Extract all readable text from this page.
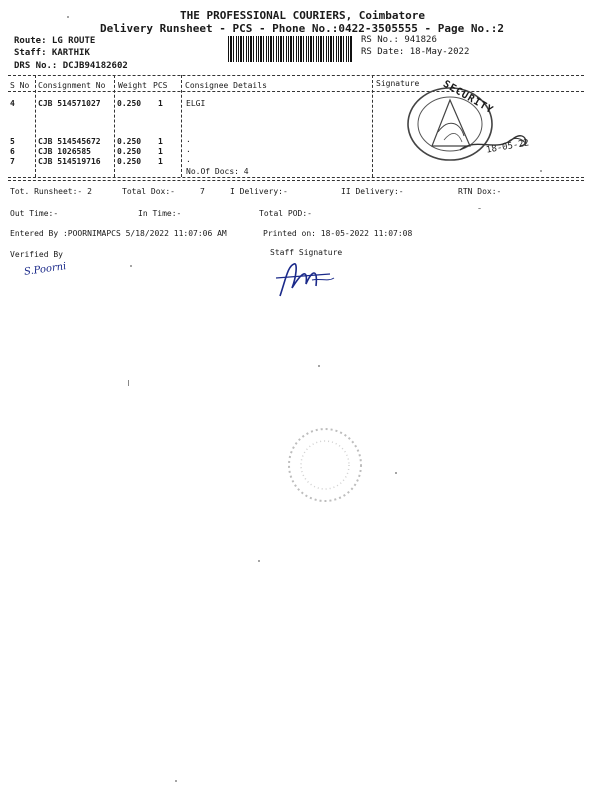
THE PROFESSIONAL COURIERS, Coimbatore
Delivery Runsheet - PCS - Phone No.:0422-3505555 - Page No.:2
Route: LG ROUTE
Staff: KARTHIK
DRS No.: DCJB94182602
RS No.: 941826
RS Date: 18-May-2022
S No Consignment No Weight PCS Consignee Details	Signature
4	CJB 514571027 0.250 1	ELGI
5	CJB 514545672 0.250 1	.
6	CJB 1026585	0.250 1	.
7	CJB 514519716 0.250 1	.
No.Of Docs: 4
SECURITY
18-05-22
Tot. Runsheet:- 2	Total Dox:-	7	I Delivery:-	II Delivery:-	RTN Dox:-
Out Time:-	In Time:-	Total POD:-
Entered By :POORNIMAPCS 5/18/2022 11:07:06 AM	Printed on: 18-05-2022 11:07:08
Verified By	Staff Signature
S.Poorni
